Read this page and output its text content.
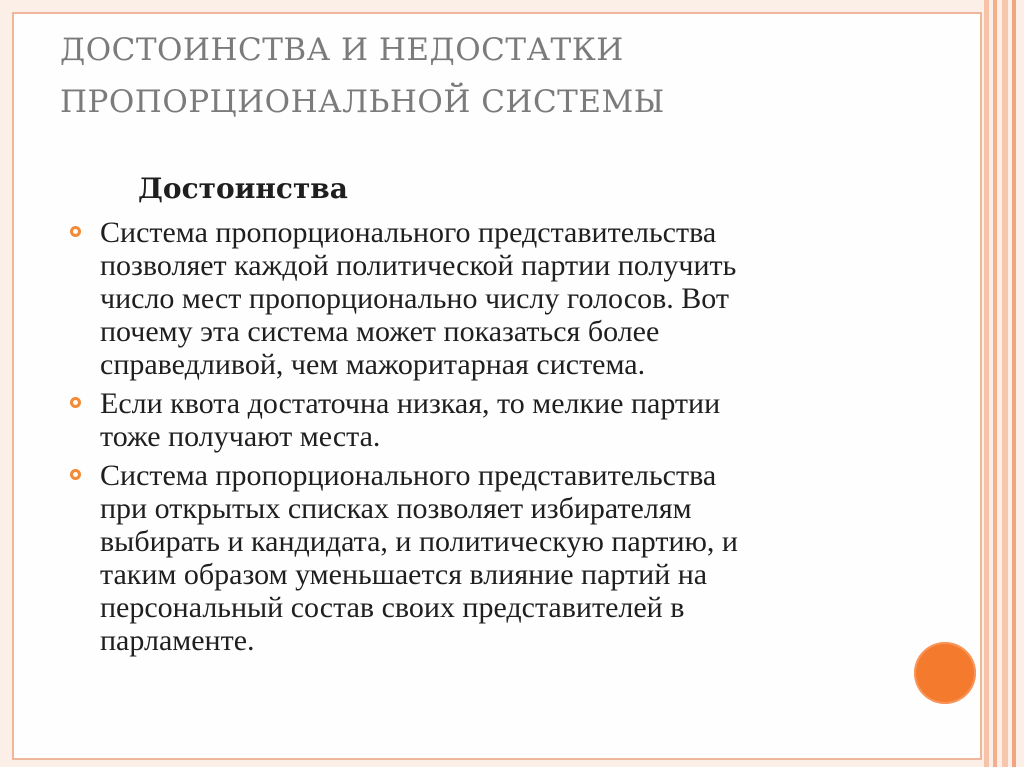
ДОСТОИНСТВА И НЕДОСТАТКИ
ПРОПОРЦИОНАЛЬНОЙ СИСТЕМЫ
Достоинства
Система пропорционального представительства
позволяет каждой политической партии получить
число мест пропорционально числу голосов. Вот
почему эта система может показаться более
справедливой, чем мажоритарная система.
Если квота достаточна низкая, то мелкие партии
тоже получают места.
Система пропорционального представительства
при открытых списках позволяет избирателям
выбирать и кандидата, и политическую партию, и
таким образом уменьшается влияние партий на
персональный состав своих представителей в
парламенте.
